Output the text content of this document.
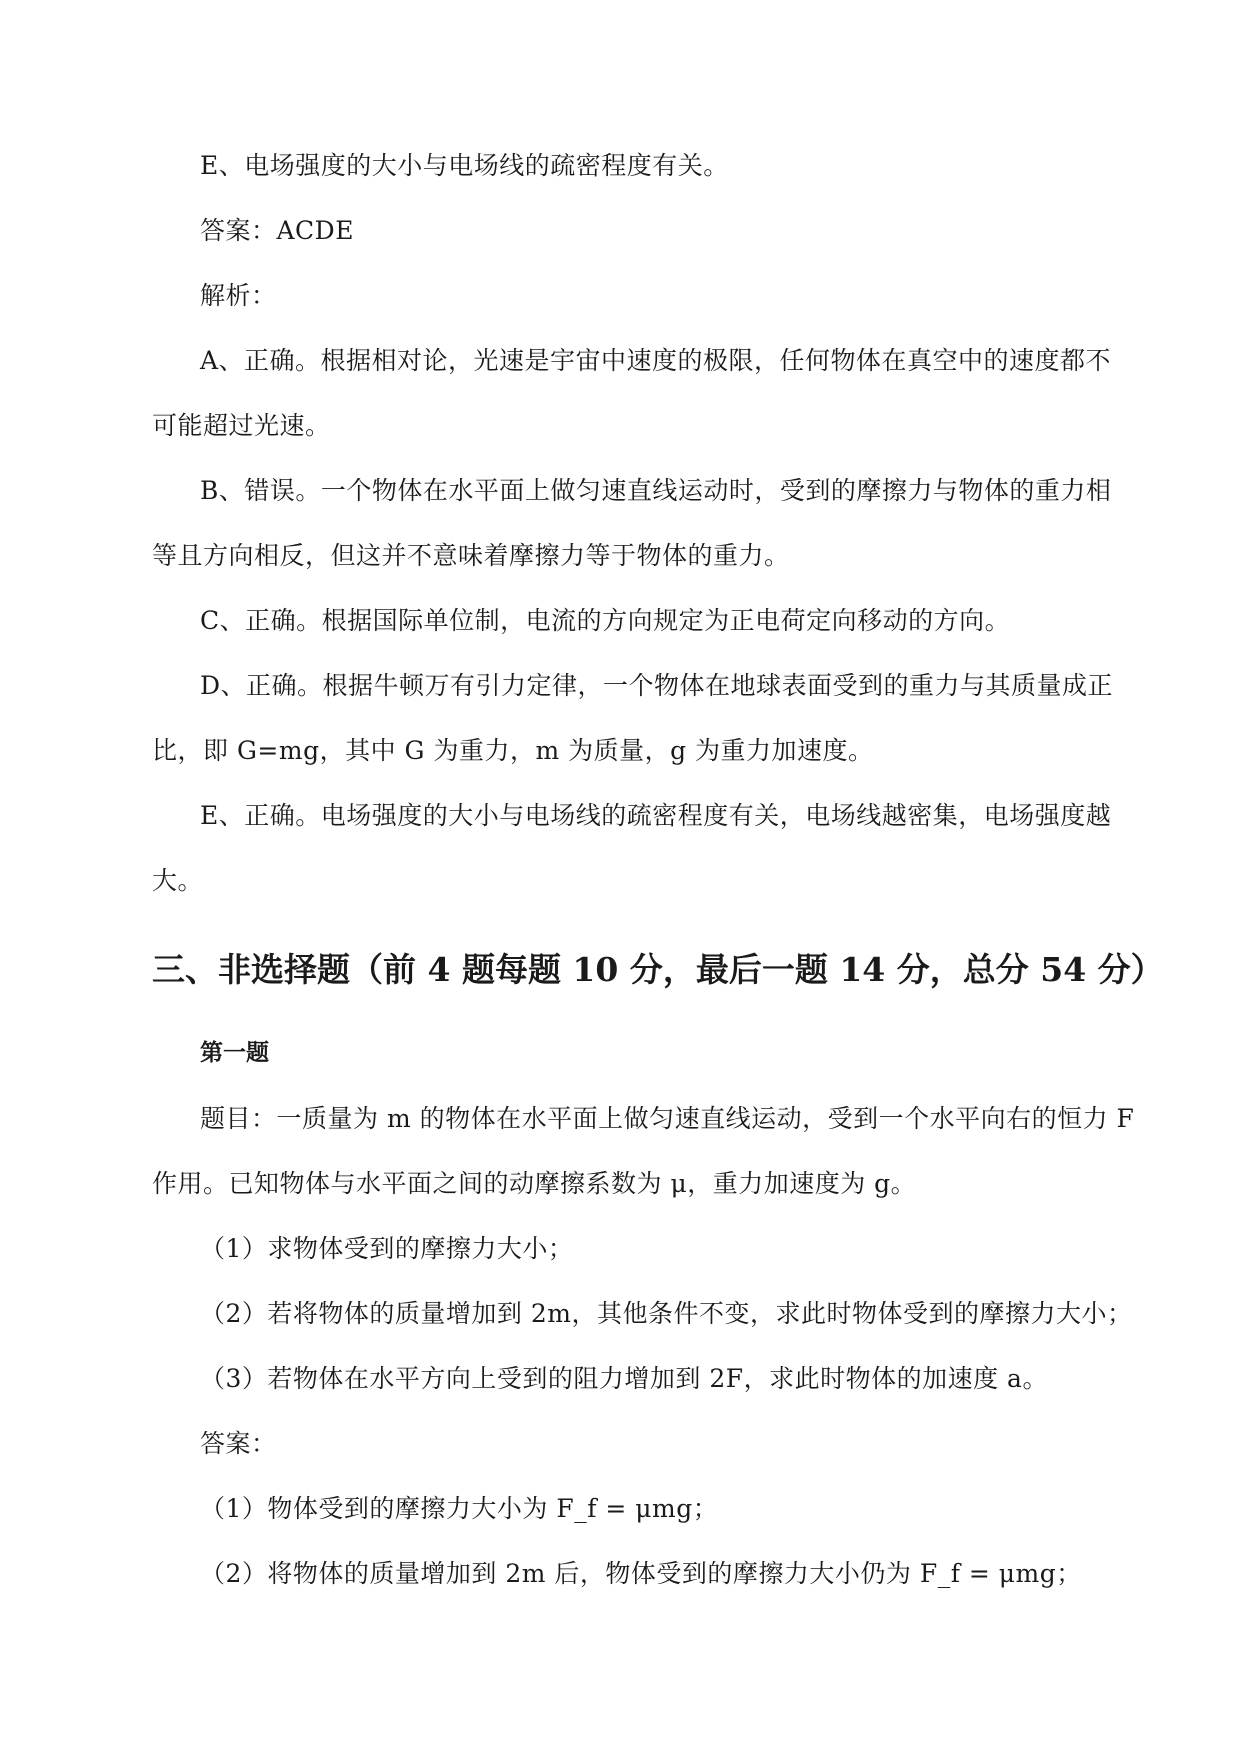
E、电场强度的大小与电场线的疏密程度有关。
答案：ACDE
解析：
A、正确。根据相对论，光速是宇宙中速度的极限，任何物体在真空中的速度都不
可能超过光速。
B、错误。一个物体在水平面上做匀速直线运动时，受到的摩擦力与物体的重力相
等且方向相反，但这并不意味着摩擦力等于物体的重力。
C、正确。根据国际单位制，电流的方向规定为正电荷定向移动的方向。
D、正确。根据牛顿万有引力定律，一个物体在地球表面受到的重力与其质量成正
比，即 G=mg，其中 G 为重力，m 为质量，g 为重力加速度。
E、正确。电场强度的大小与电场线的疏密程度有关，电场线越密集，电场强度越
大。
三、非选择题（前 4 题每题 10 分，最后一题 14 分，总分 54 分）
第一题
题目：一质量为 m 的物体在水平面上做匀速直线运动，受到一个水平向右的恒力 F
作用。已知物体与水平面之间的动摩擦系数为 μ，重力加速度为 g。
（1）求物体受到的摩擦力大小；
（2）若将物体的质量增加到 2m，其他条件不变，求此时物体受到的摩擦力大小；
（3）若物体在水平方向上受到的阻力增加到 2F，求此时物体的加速度 a。
答案：
（1）物体受到的摩擦力大小为 F_f = μmg；
（2）将物体的质量增加到 2m 后，物体受到的摩擦力大小仍为 F_f = μmg；
